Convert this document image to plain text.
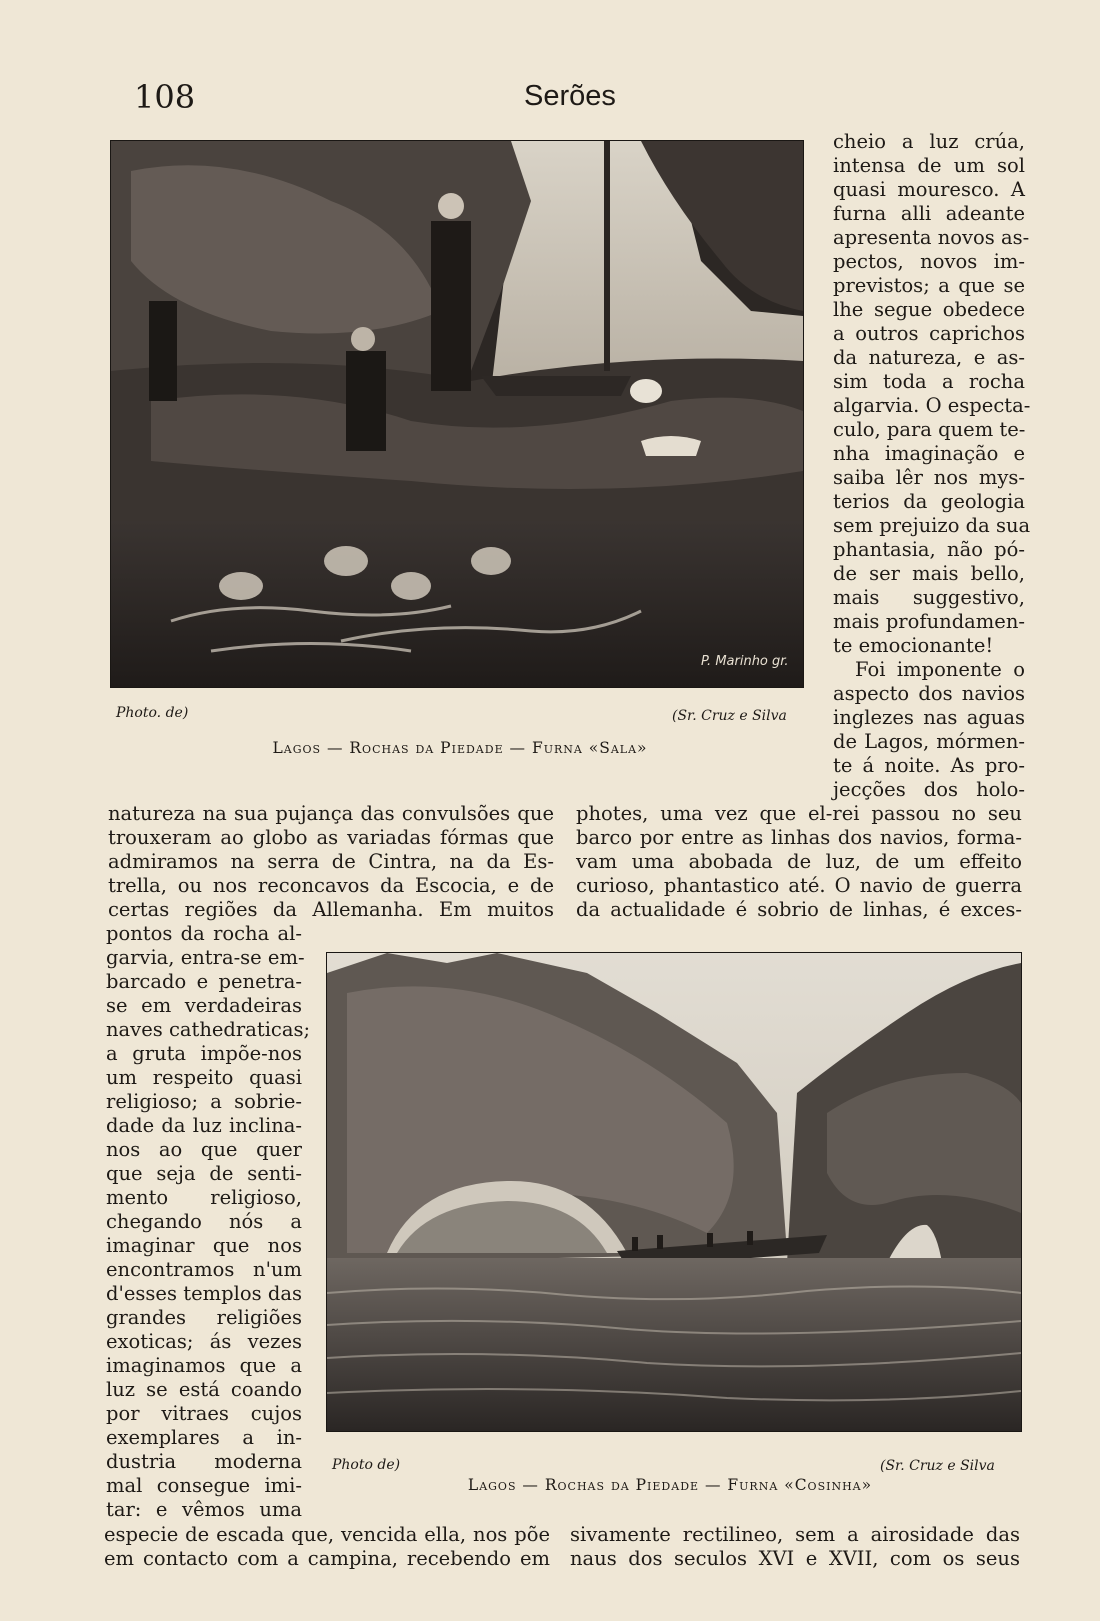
108	Serões
P. Marinho gr.
Photo. de)	(Sr. Cruz e Silva
Lagos — Rochas da Piedade — Furna «Sala»
cheio a luz crúa,
intensa de um sol
quasi mouresco. A
furna alli adeante
apresenta novos as-
pectos, novos im-
previstos; a que se
lhe segue obedece
a outros caprichos
da natureza, e as-
sim toda a rocha
algarvia. O especta-
culo, para quem te-
nha imaginação e
saiba lêr nos mys-
terios da geologia
sem prejuizo da sua
phantasia, não pó-
de ser mais bello,
mais suggestivo,
mais profundamen-
te emocionante!
Foi imponente o
aspecto dos navios
inglezes nas aguas
de Lagos, mórmen-
te á noite. As pro-
jecções dos holo-
natureza na sua pujança das convulsões que
trouxeram ao globo as variadas fórmas que
admiramos na serra de Cintra, na da Es-
trella, ou nos reconcavos da Escocia, e de
certas regiões da Allemanha. Em muitos
photes, uma vez que el-rei passou no seu
barco por entre as linhas dos navios, forma-
vam uma abobada de luz, de um effeito
curioso, phantastico até. O navio de guerra
da actualidade é sobrio de linhas, é exces-
pontos da rocha al-
garvia, entra-se em-
barcado e penetra-
se em verdadeiras
naves cathedraticas;
a gruta impõe-nos
um respeito quasi
religioso; a sobrie-
dade da luz inclina-
nos ao que quer
que seja de senti-
mento religioso,
chegando nós a
imaginar que nos
encontramos n'um
d'esses templos das
grandes religiões
exoticas; ás vezes
imaginamos que a
luz se está coando
por vitraes cujos
exemplares a in-
dustria moderna
mal consegue imi-
tar: e vêmos uma
Photo de)	(Sr. Cruz e Silva
Lagos — Rochas da Piedade — Furna «Cosinha»
especie de escada que, vencida ella, nos põe
em contacto com a campina, recebendo em
sivamente rectilineo, sem a airosidade das
naus dos seculos XVI e XVII, com os seus
